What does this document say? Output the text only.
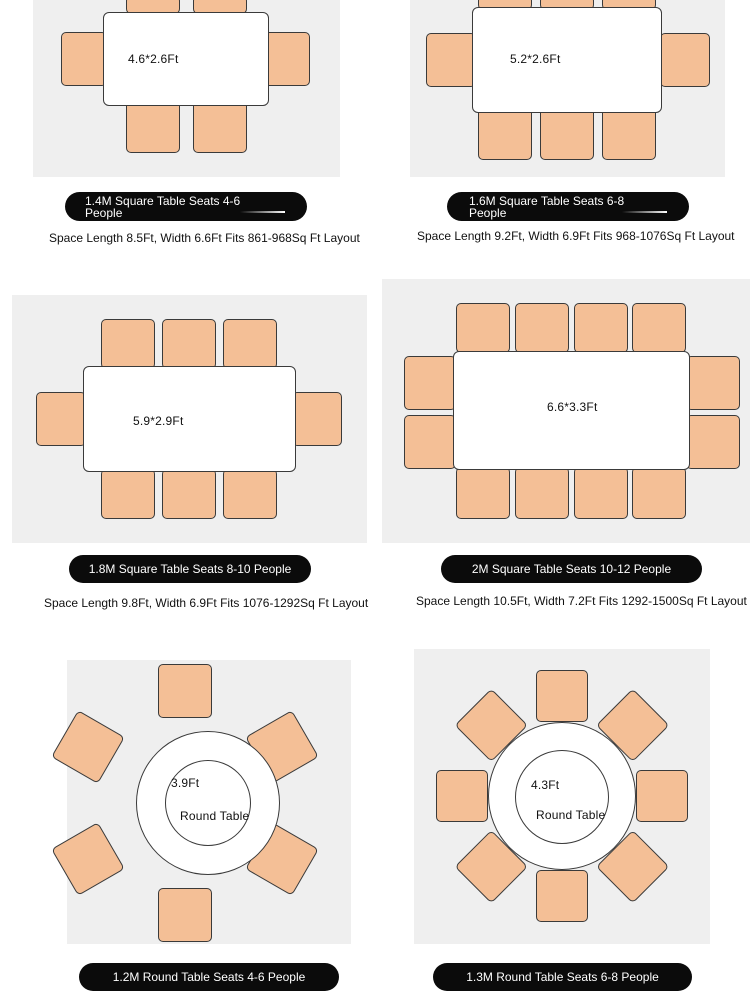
4.6*2.6Ft
1.4M Square Table Seats 4-6 People
Space Length 8.5Ft, Width 6.6Ft Fits 861-968Sq Ft Layout
5.2*2.6Ft
1.6M Square Table Seats 6-8 People
Space Length 9.2Ft, Width 6.9Ft Fits 968-1076Sq Ft Layout
5.9*2.9Ft
1.8M Square Table Seats 8-10 People
Space Length 9.8Ft, Width 6.9Ft Fits 1076-1292Sq Ft Layout
6.6*3.3Ft
2M Square Table Seats 10-12 People
Space Length 10.5Ft, Width 7.2Ft Fits 1292-1500Sq Ft Layout
3.9Ft
Round Table
1.2M Round Table Seats 4-6 People
4.3Ft
Round Table
1.3M Round Table Seats 6-8 People
